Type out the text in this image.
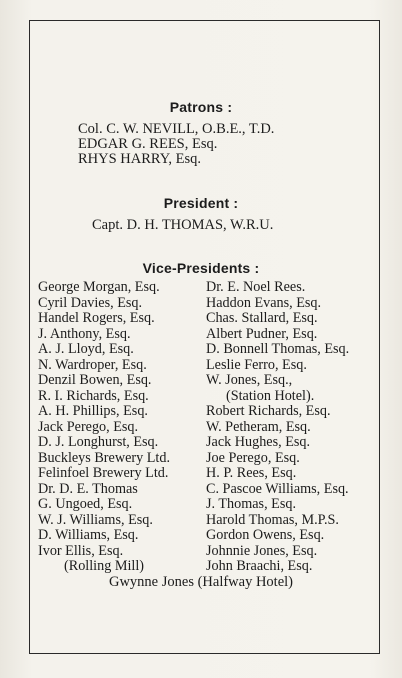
Patrons :
Col. C. W. NEVILL, O.B.E., T.D.
EDGAR G. REES, Esq.
RHYS HARRY, Esq.
President :
Capt. D. H. THOMAS, W.R.U.
Vice-Presidents :
George Morgan, Esq.
Cyril Davies, Esq.
Handel Rogers, Esq.
J. Anthony, Esq.
A. J. Lloyd, Esq.
N. Wardroper, Esq.
Denzil Bowen, Esq.
R. I. Richards, Esq.
A. H. Phillips, Esq.
Jack Perego, Esq.
D. J. Longhurst, Esq.
Buckleys Brewery Ltd.
Felinfoel Brewery Ltd.
Dr. D. E. Thomas
G. Ungoed, Esq.
W. J. Williams, Esq.
D. Williams, Esq.
Ivor Ellis, Esq.
(Rolling Mill)
Dr. E. Noel Rees.
Haddon Evans, Esq.
Chas. Stallard, Esq.
Albert Pudner, Esq.
D. Bonnell Thomas, Esq.
Leslie Ferro, Esq.
W. Jones, Esq.,
(Station Hotel).
Robert Richards, Esq.
W. Petheram, Esq.
Jack Hughes, Esq.
Joe Perego, Esq.
H. P. Rees, Esq.
C. Pascoe Williams, Esq.
J. Thomas, Esq.
Harold Thomas, M.P.S.
Gordon Owens, Esq.
Johnnie Jones, Esq.
John Braachi, Esq.
Gwynne Jones (Halfway Hotel)
